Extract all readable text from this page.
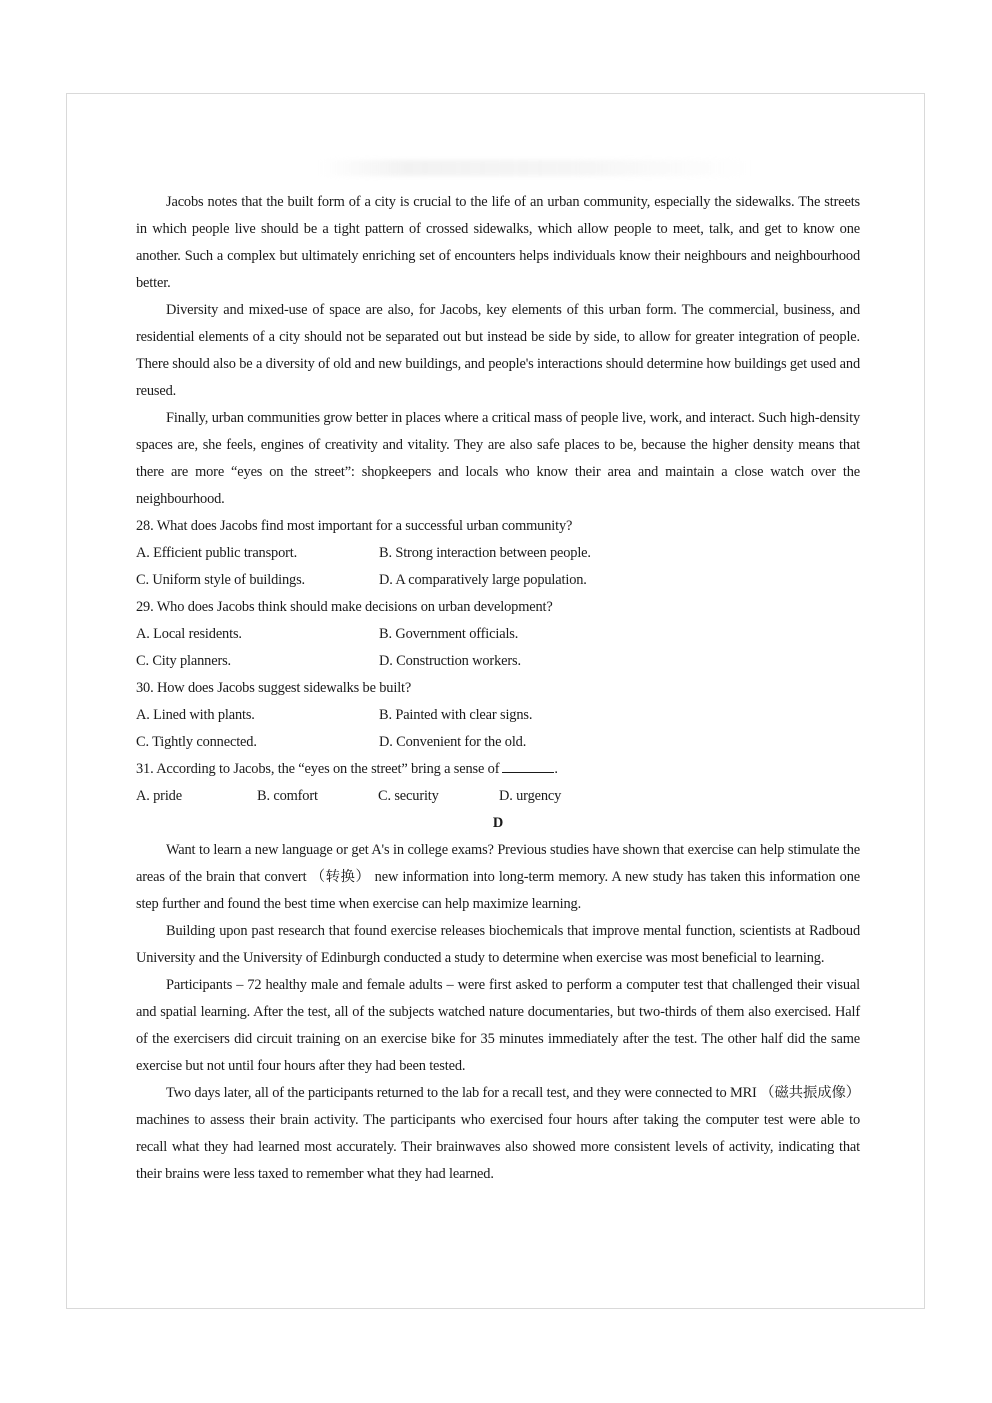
Jacobs notes that the built form of a city is crucial to the life of an urban community, especially the sidewalks. The streets in which people live should be a tight pattern of crossed sidewalks, which allow people to meet, talk, and get to know one another. Such a complex but ultimately enriching set of encounters helps individuals know their neighbours and neighbourhood better.

Diversity and mixed-use of space are also, for Jacobs, key elements of this urban form. The commercial, business, and residential elements of a city should not be separated out but instead be side by side, to allow for greater integration of people. There should also be a diversity of old and new buildings, and people's interactions should determine how buildings get used and reused.

Finally, urban communities grow better in places where a critical mass of people live, work, and interact. Such high-density spaces are, she feels, engines of creativity and vitality. They are also safe places to be, because the higher density means that there are more “eyes on the street”: shopkeepers and locals who know their area and maintain a close watch over the neighbourhood.

28. What does Jacobs find most important for a successful urban community?

A. Efficient public transport.	B. Strong interaction between people.
C. Uniform style of buildings.	D. A comparatively large population.

29. Who does Jacobs think should make decisions on urban development?

A. Local residents.	B. Government officials.
C. City planners.	D. Construction workers.

30. How does Jacobs suggest sidewalks be built?

A. Lined with plants.	B. Painted with clear signs.
C. Tightly connected.	D. Convenient for the old.

31. According to Jacobs, the “eyes on the street” bring a sense of	.

A. pride	B. comfort	C. security	D. urgency

D

Want to learn a new language or get A's in college exams? Previous studies have shown that exercise can help stimulate the areas of the brain that convert （转换） new information into long-term memory. A new study has taken this information one step further and found the best time when exercise can help maximize learning.

Building upon past research that found exercise releases biochemicals that improve mental function, scientists at Radboud University and the University of Edinburgh conducted a study to determine when exercise was most beneficial to learning.

Participants – 72 healthy male and female adults – were first asked to perform a computer test that challenged their visual and spatial learning. After the test, all of the subjects watched nature documentaries, but two-thirds of them also exercised. Half of the exercisers did circuit training on an exercise bike for 35 minutes immediately after the test. The other half did the same exercise but not until four hours after they had been tested.

Two days later, all of the participants returned to the lab for a recall test, and they were connected to MRI （磁共振成像） machines to assess their brain activity. The participants who exercised four hours after taking the computer test were able to recall what they had learned most accurately. Their brainwaves also showed more consistent levels of activity, indicating that their brains were less taxed to remember what they had learned.
